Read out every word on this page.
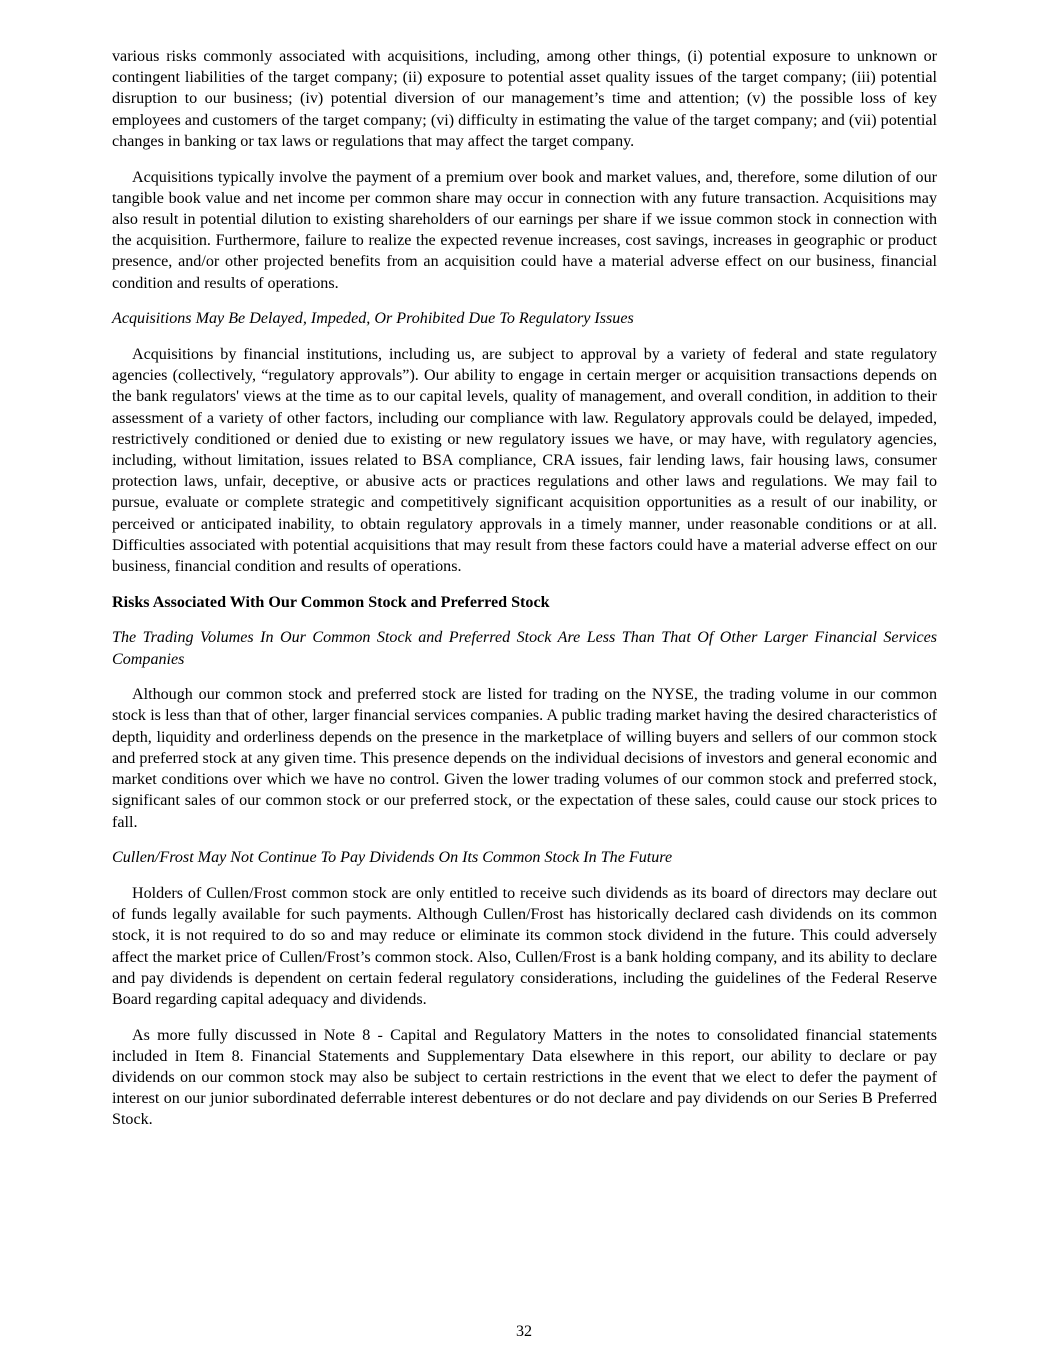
various risks commonly associated with acquisitions, including, among other things, (i) potential exposure to unknown or contingent liabilities of the target company; (ii) exposure to potential asset quality issues of the target company; (iii) potential disruption to our business; (iv) potential diversion of our management’s time and attention; (v) the possible loss of key employees and customers of the target company; (vi) difficulty in estimating the value of the target company; and (vii) potential changes in banking or tax laws or regulations that may affect the target company.

Acquisitions typically involve the payment of a premium over book and market values, and, therefore, some dilution of our tangible book value and net income per common share may occur in connection with any future transaction. Acquisitions may also result in potential dilution to existing shareholders of our earnings per share if we issue common stock in connection with the acquisition. Furthermore, failure to realize the expected revenue increases, cost savings, increases in geographic or product presence, and/or other projected benefits from an acquisition could have a material adverse effect on our business, financial condition and results of operations.

Acquisitions May Be Delayed, Impeded, Or Prohibited Due To Regulatory Issues

Acquisitions by financial institutions, including us, are subject to approval by a variety of federal and state regulatory agencies (collectively, “regulatory approvals”). Our ability to engage in certain merger or acquisition transactions depends on the bank regulators' views at the time as to our capital levels, quality of management, and overall condition, in addition to their assessment of a variety of other factors, including our compliance with law. Regulatory approvals could be delayed, impeded, restrictively conditioned or denied due to existing or new regulatory issues we have, or may have, with regulatory agencies, including, without limitation, issues related to BSA compliance, CRA issues, fair lending laws, fair housing laws, consumer protection laws, unfair, deceptive, or abusive acts or practices regulations and other laws and regulations. We may fail to pursue, evaluate or complete strategic and competitively significant acquisition opportunities as a result of our inability, or perceived or anticipated inability, to obtain regulatory approvals in a timely manner, under reasonable conditions or at all. Difficulties associated with potential acquisitions that may result from these factors could have a material adverse effect on our business, financial condition and results of operations.

Risks Associated With Our Common Stock and Preferred Stock

The Trading Volumes In Our Common Stock and Preferred Stock Are Less Than That Of Other Larger Financial Services Companies

Although our common stock and preferred stock are listed for trading on the NYSE, the trading volume in our common stock is less than that of other, larger financial services companies. A public trading market having the desired characteristics of depth, liquidity and orderliness depends on the presence in the marketplace of willing buyers and sellers of our common stock and preferred stock at any given time. This presence depends on the individual decisions of investors and general economic and market conditions over which we have no control. Given the lower trading volumes of our common stock and preferred stock, significant sales of our common stock or our preferred stock, or the expectation of these sales, could cause our stock prices to fall.

Cullen/Frost May Not Continue To Pay Dividends On Its Common Stock In The Future

Holders of Cullen/Frost common stock are only entitled to receive such dividends as its board of directors may declare out of funds legally available for such payments. Although Cullen/Frost has historically declared cash dividends on its common stock, it is not required to do so and may reduce or eliminate its common stock dividend in the future. This could adversely affect the market price of Cullen/Frost’s common stock. Also, Cullen/Frost is a bank holding company, and its ability to declare and pay dividends is dependent on certain federal regulatory considerations, including the guidelines of the Federal Reserve Board regarding capital adequacy and dividends.

As more fully discussed in Note 8 - Capital and Regulatory Matters in the notes to consolidated financial statements included in Item 8. Financial Statements and Supplementary Data elsewhere in this report, our ability to declare or pay dividends on our common stock may also be subject to certain restrictions in the event that we elect to defer the payment of interest on our junior subordinated deferrable interest debentures or do not declare and pay dividends on our Series B Preferred Stock.

32
